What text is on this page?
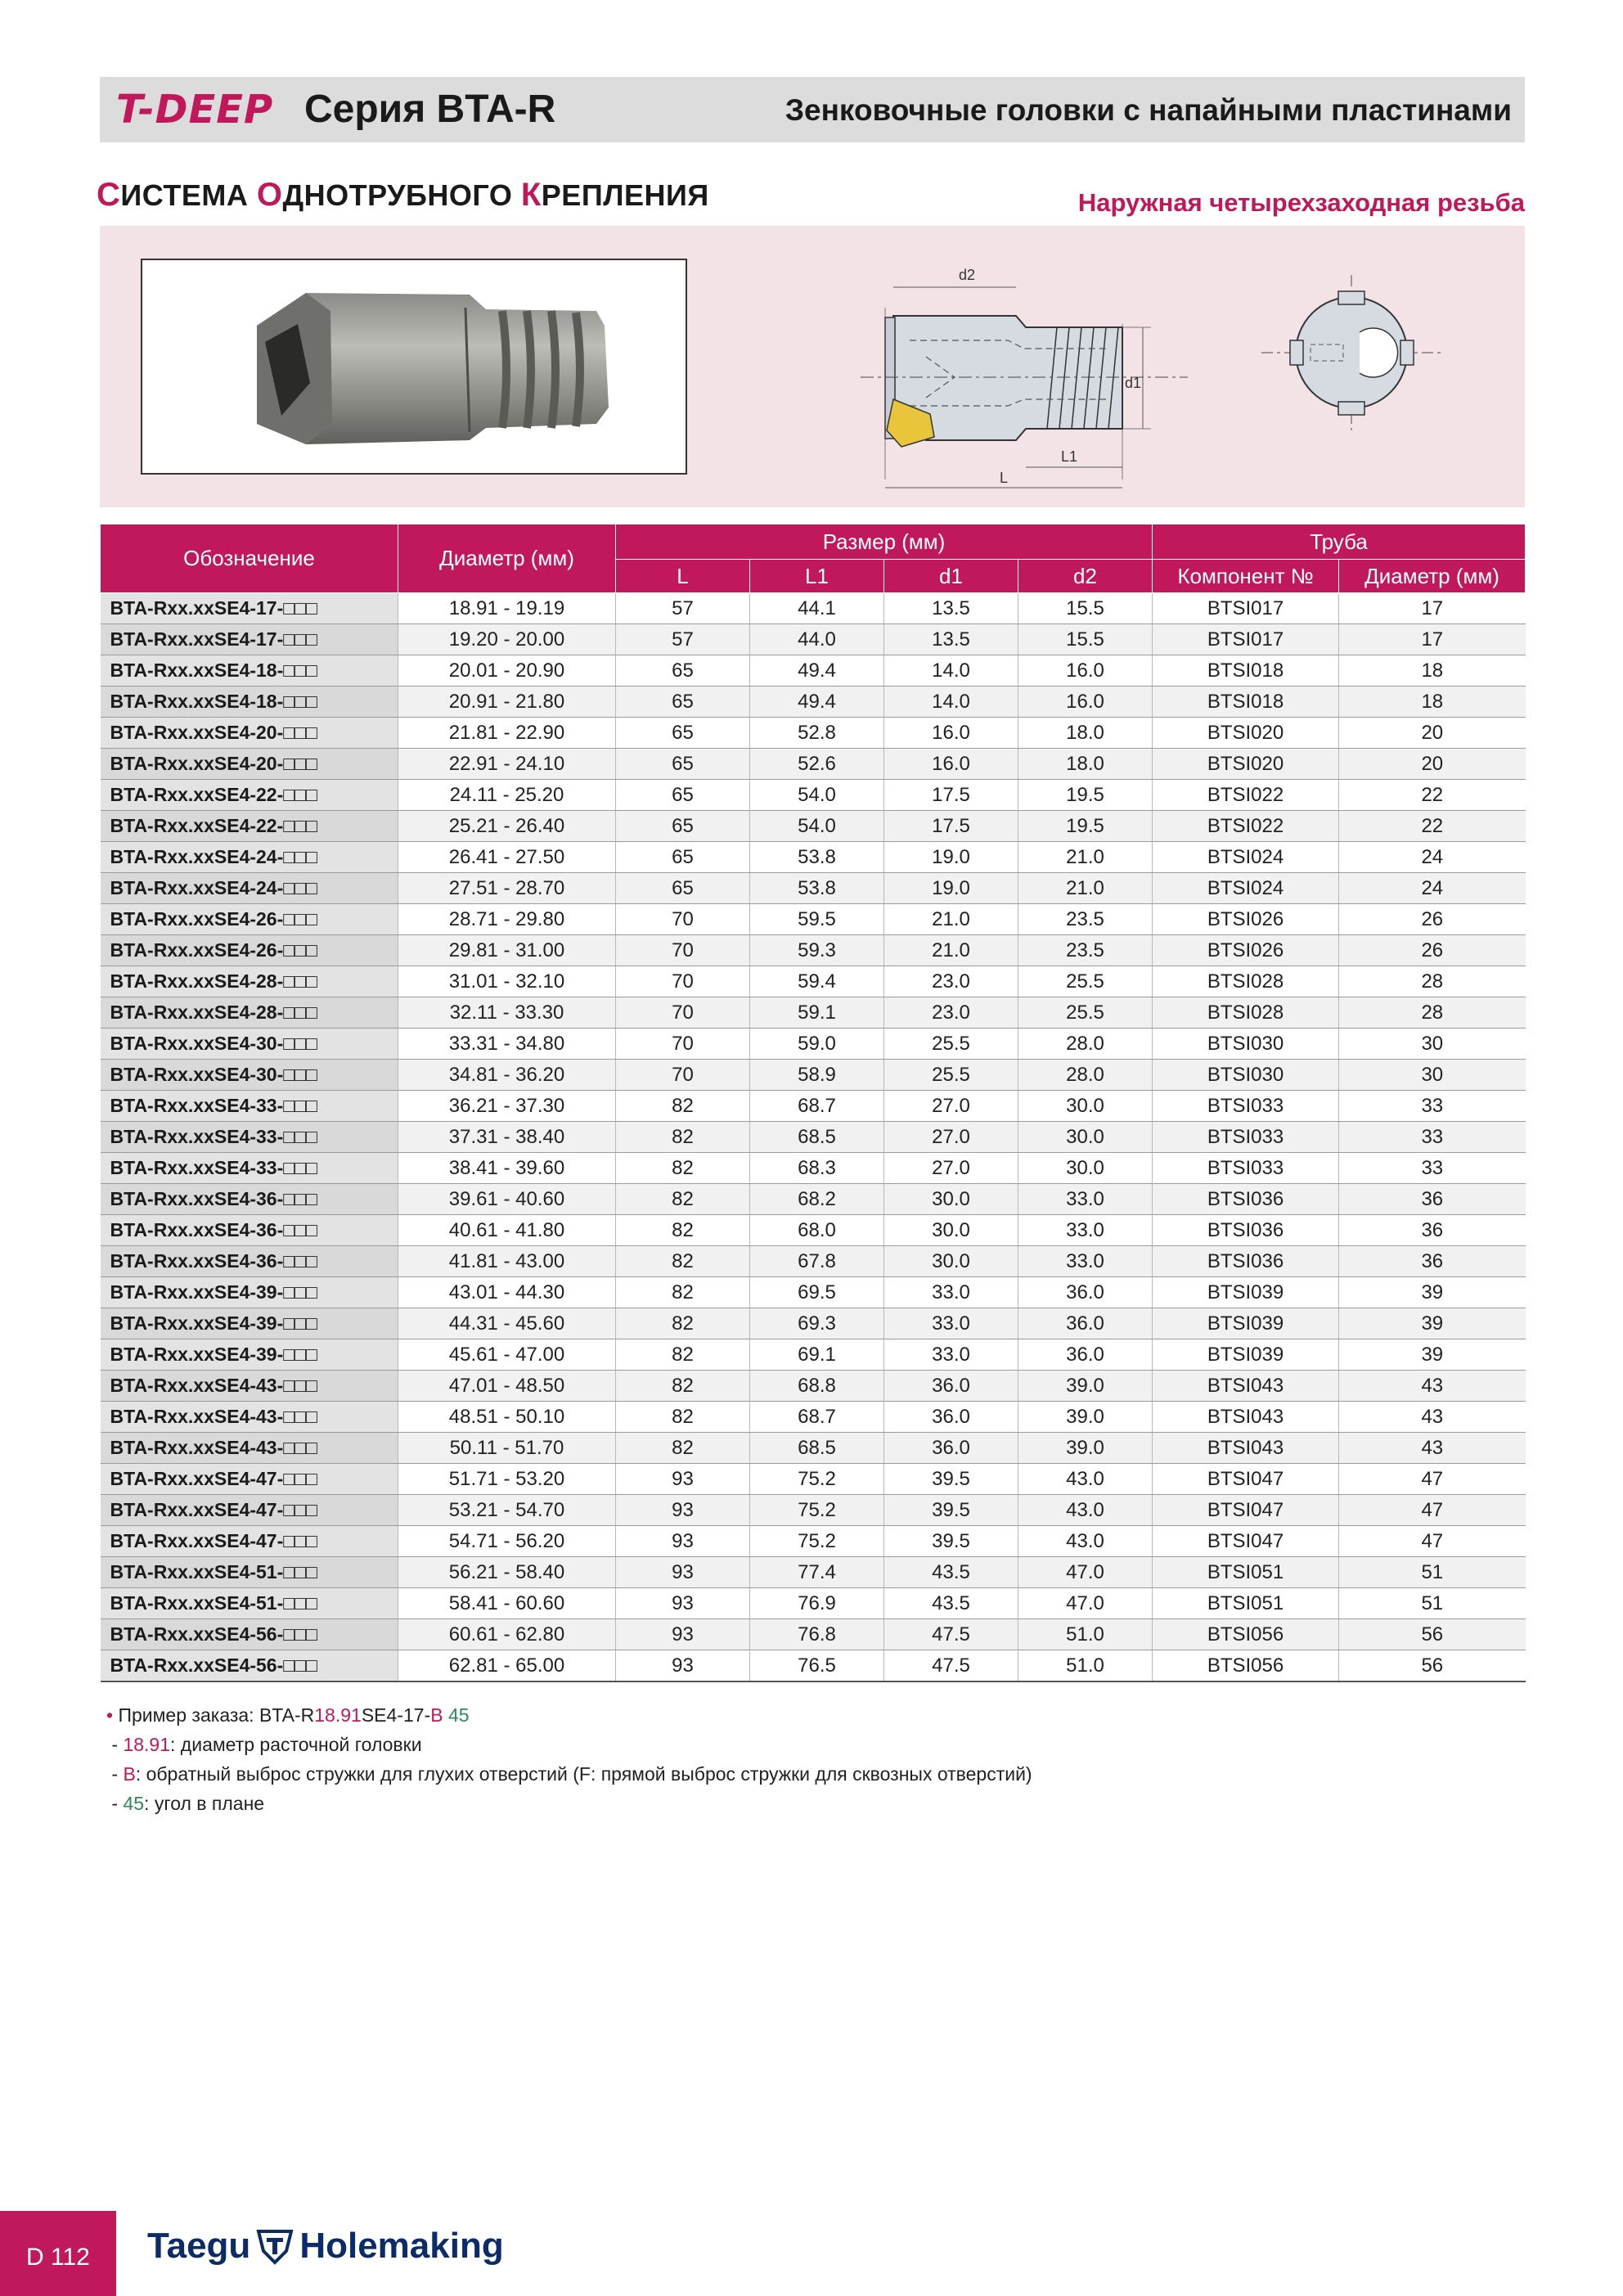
T-DEEP Серия BTA-R	Зенковочные головки с напайными пластинами
СИСТЕМА ОДНОТРУБНОГО КРЕПЛЕНИЯ	Наружная четырехзаходная резьба
d2
d1
L1
L
Обозначение	Диаметр (мм)	Размер (мм)				Труба	
		L	L1	d1	d2	Компонент №	Диаметр (мм)
BTA-Rxx.xxSE4-17-□□□	18.91 - 19.19	57	44.1	13.5	15.5	BTSI017	17
BTA-Rxx.xxSE4-17-□□□	19.20 - 20.00	57	44.0	13.5	15.5	BTSI017	17
BTA-Rxx.xxSE4-18-□□□	20.01 - 20.90	65	49.4	14.0	16.0	BTSI018	18
BTA-Rxx.xxSE4-18-□□□	20.91 - 21.80	65	49.4	14.0	16.0	BTSI018	18
BTA-Rxx.xxSE4-20-□□□	21.81 - 22.90	65	52.8	16.0	18.0	BTSI020	20
BTA-Rxx.xxSE4-20-□□□	22.91 - 24.10	65	52.6	16.0	18.0	BTSI020	20
BTA-Rxx.xxSE4-22-□□□	24.11 - 25.20	65	54.0	17.5	19.5	BTSI022	22
BTA-Rxx.xxSE4-22-□□□	25.21 - 26.40	65	54.0	17.5	19.5	BTSI022	22
BTA-Rxx.xxSE4-24-□□□	26.41 - 27.50	65	53.8	19.0	21.0	BTSI024	24
BTA-Rxx.xxSE4-24-□□□	27.51 - 28.70	65	53.8	19.0	21.0	BTSI024	24
BTA-Rxx.xxSE4-26-□□□	28.71 - 29.80	70	59.5	21.0	23.5	BTSI026	26
BTA-Rxx.xxSE4-26-□□□	29.81 - 31.00	70	59.3	21.0	23.5	BTSI026	26
BTA-Rxx.xxSE4-28-□□□	31.01 - 32.10	70	59.4	23.0	25.5	BTSI028	28
BTA-Rxx.xxSE4-28-□□□	32.11 - 33.30	70	59.1	23.0	25.5	BTSI028	28
BTA-Rxx.xxSE4-30-□□□	33.31 - 34.80	70	59.0	25.5	28.0	BTSI030	30
BTA-Rxx.xxSE4-30-□□□	34.81 - 36.20	70	58.9	25.5	28.0	BTSI030	30
BTA-Rxx.xxSE4-33-□□□	36.21 - 37.30	82	68.7	27.0	30.0	BTSI033	33
BTA-Rxx.xxSE4-33-□□□	37.31 - 38.40	82	68.5	27.0	30.0	BTSI033	33
BTA-Rxx.xxSE4-33-□□□	38.41 - 39.60	82	68.3	27.0	30.0	BTSI033	33
BTA-Rxx.xxSE4-36-□□□	39.61 - 40.60	82	68.2	30.0	33.0	BTSI036	36
BTA-Rxx.xxSE4-36-□□□	40.61 - 41.80	82	68.0	30.0	33.0	BTSI036	36
BTA-Rxx.xxSE4-36-□□□	41.81 - 43.00	82	67.8	30.0	33.0	BTSI036	36
BTA-Rxx.xxSE4-39-□□□	43.01 - 44.30	82	69.5	33.0	36.0	BTSI039	39
BTA-Rxx.xxSE4-39-□□□	44.31 - 45.60	82	69.3	33.0	36.0	BTSI039	39
BTA-Rxx.xxSE4-39-□□□	45.61 - 47.00	82	69.1	33.0	36.0	BTSI039	39
BTA-Rxx.xxSE4-43-□□□	47.01 - 48.50	82	68.8	36.0	39.0	BTSI043	43
BTA-Rxx.xxSE4-43-□□□	48.51 - 50.10	82	68.7	36.0	39.0	BTSI043	43
BTA-Rxx.xxSE4-43-□□□	50.11 - 51.70	82	68.5	36.0	39.0	BTSI043	43
BTA-Rxx.xxSE4-47-□□□	51.71 - 53.20	93	75.2	39.5	43.0	BTSI047	47
BTA-Rxx.xxSE4-47-□□□	53.21 - 54.70	93	75.2	39.5	43.0	BTSI047	47
BTA-Rxx.xxSE4-47-□□□	54.71 - 56.20	93	75.2	39.5	43.0	BTSI047	47
BTA-Rxx.xxSE4-51-□□□	56.21 - 58.40	93	77.4	43.5	47.0	BTSI051	51
BTA-Rxx.xxSE4-51-□□□	58.41 - 60.60	93	76.9	43.5	47.0	BTSI051	51
BTA-Rxx.xxSE4-56-□□□	60.61 - 62.80	93	76.8	47.5	51.0	BTSI056	56
BTA-Rxx.xxSE4-56-□□□	62.81 - 65.00	93	76.5	47.5	51.0	BTSI056	56
• Пример заказа: BTA-R18.91SE4-17-B 45
- 18.91: диаметр расточной головки
- B: обратный выброс стружки для глухих отверстий (F: прямой выброс стружки для сквозных отверстий)
- 45: угол в плане
D 112 Taegu Holemaking
